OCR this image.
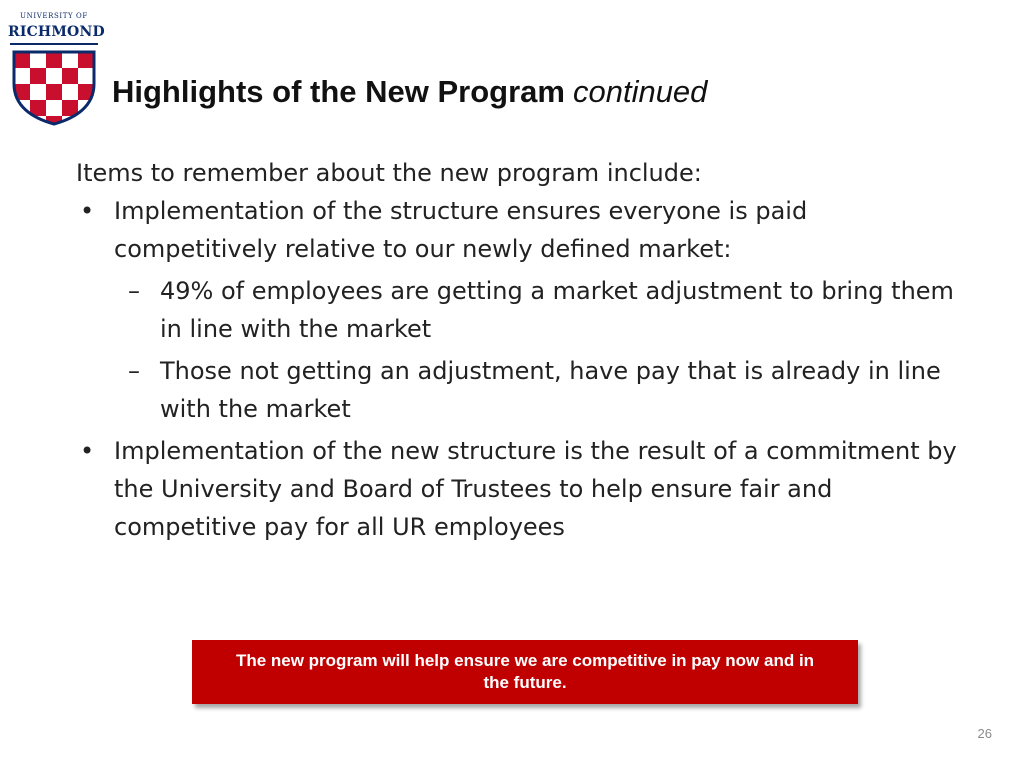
UNIVERSITY OF
RICHMOND
Highlights of the New Program continued

Items to remember about the new program include:

• Implementation of the structure ensures everyone is paid competitively relative to our newly defined market:
– 49% of employees are getting a market adjustment to bring them in line with the market
– Those not getting an adjustment, have pay that is already in line with the market
• Implementation of the new structure is the result of a commitment by the University and Board of Trustees to help ensure fair and competitive pay for all UR employees
The new program will help ensure we are competitive in pay now and in the future.
26
